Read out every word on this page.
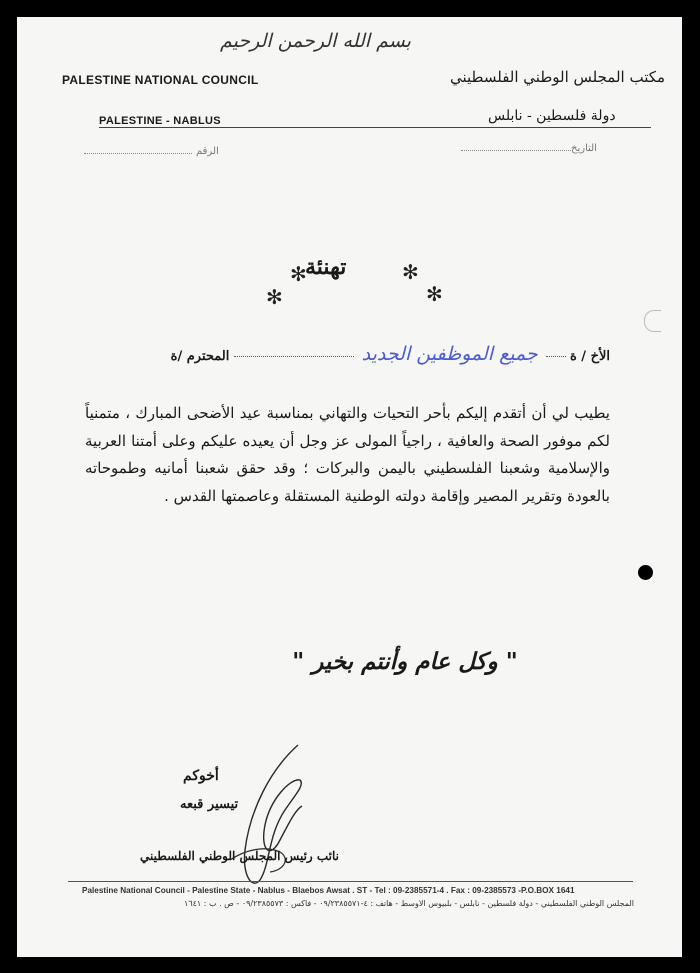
بسم الله الرحمن الرحيم
PALESTINE NATIONAL COUNCIL	مكتب المجلس الوطني الفلسطيني
PALESTINE - NABLUS	دولة فلسطين - نابلس
الرقم	التاريخ
✻
تهنئة	✻
✻	✻
الأخ / ة  جميع الموظفين الجديد  المحترم /ة
يطيب لي أن أتقدم إليكم بأحر التحيات والتهاني بمناسبة عيد الأضحى المبارك ، متمنياً لكم موفور الصحة والعافية ، راجياً المولى عز وجل أن يعيده عليكم وعلى أمتنا العربية والإسلامية وشعبنا الفلسطيني باليمن والبركات ؛ وقد حقق شعبنا أمانيه وطموحاته بالعودة وتقرير المصير وإقامة دولته الوطنية المستقلة وعاصمتها القدس .
" وكل عام وأنتم بخير "
أخوكم
تيسير قبعه
نائب رئيس المجلس الوطني الفلسطيني
Palestine National Council - Palestine State - Nablus - Blaebos Awsat . ST - Tel : 09-2385571-4 . Fax : 09-2385573 -P.O.BOX 1641
المجلس الوطني الفلسطيني - دولة فلسطين - نابلس - بلبيوس الاوسط - هاتف : ٤-٠٩/٢٣٨٥٥٧١ - فاكس : ٠٩/٢٣٨٥٥٧٣ - ص . ب : ١٦٤١
